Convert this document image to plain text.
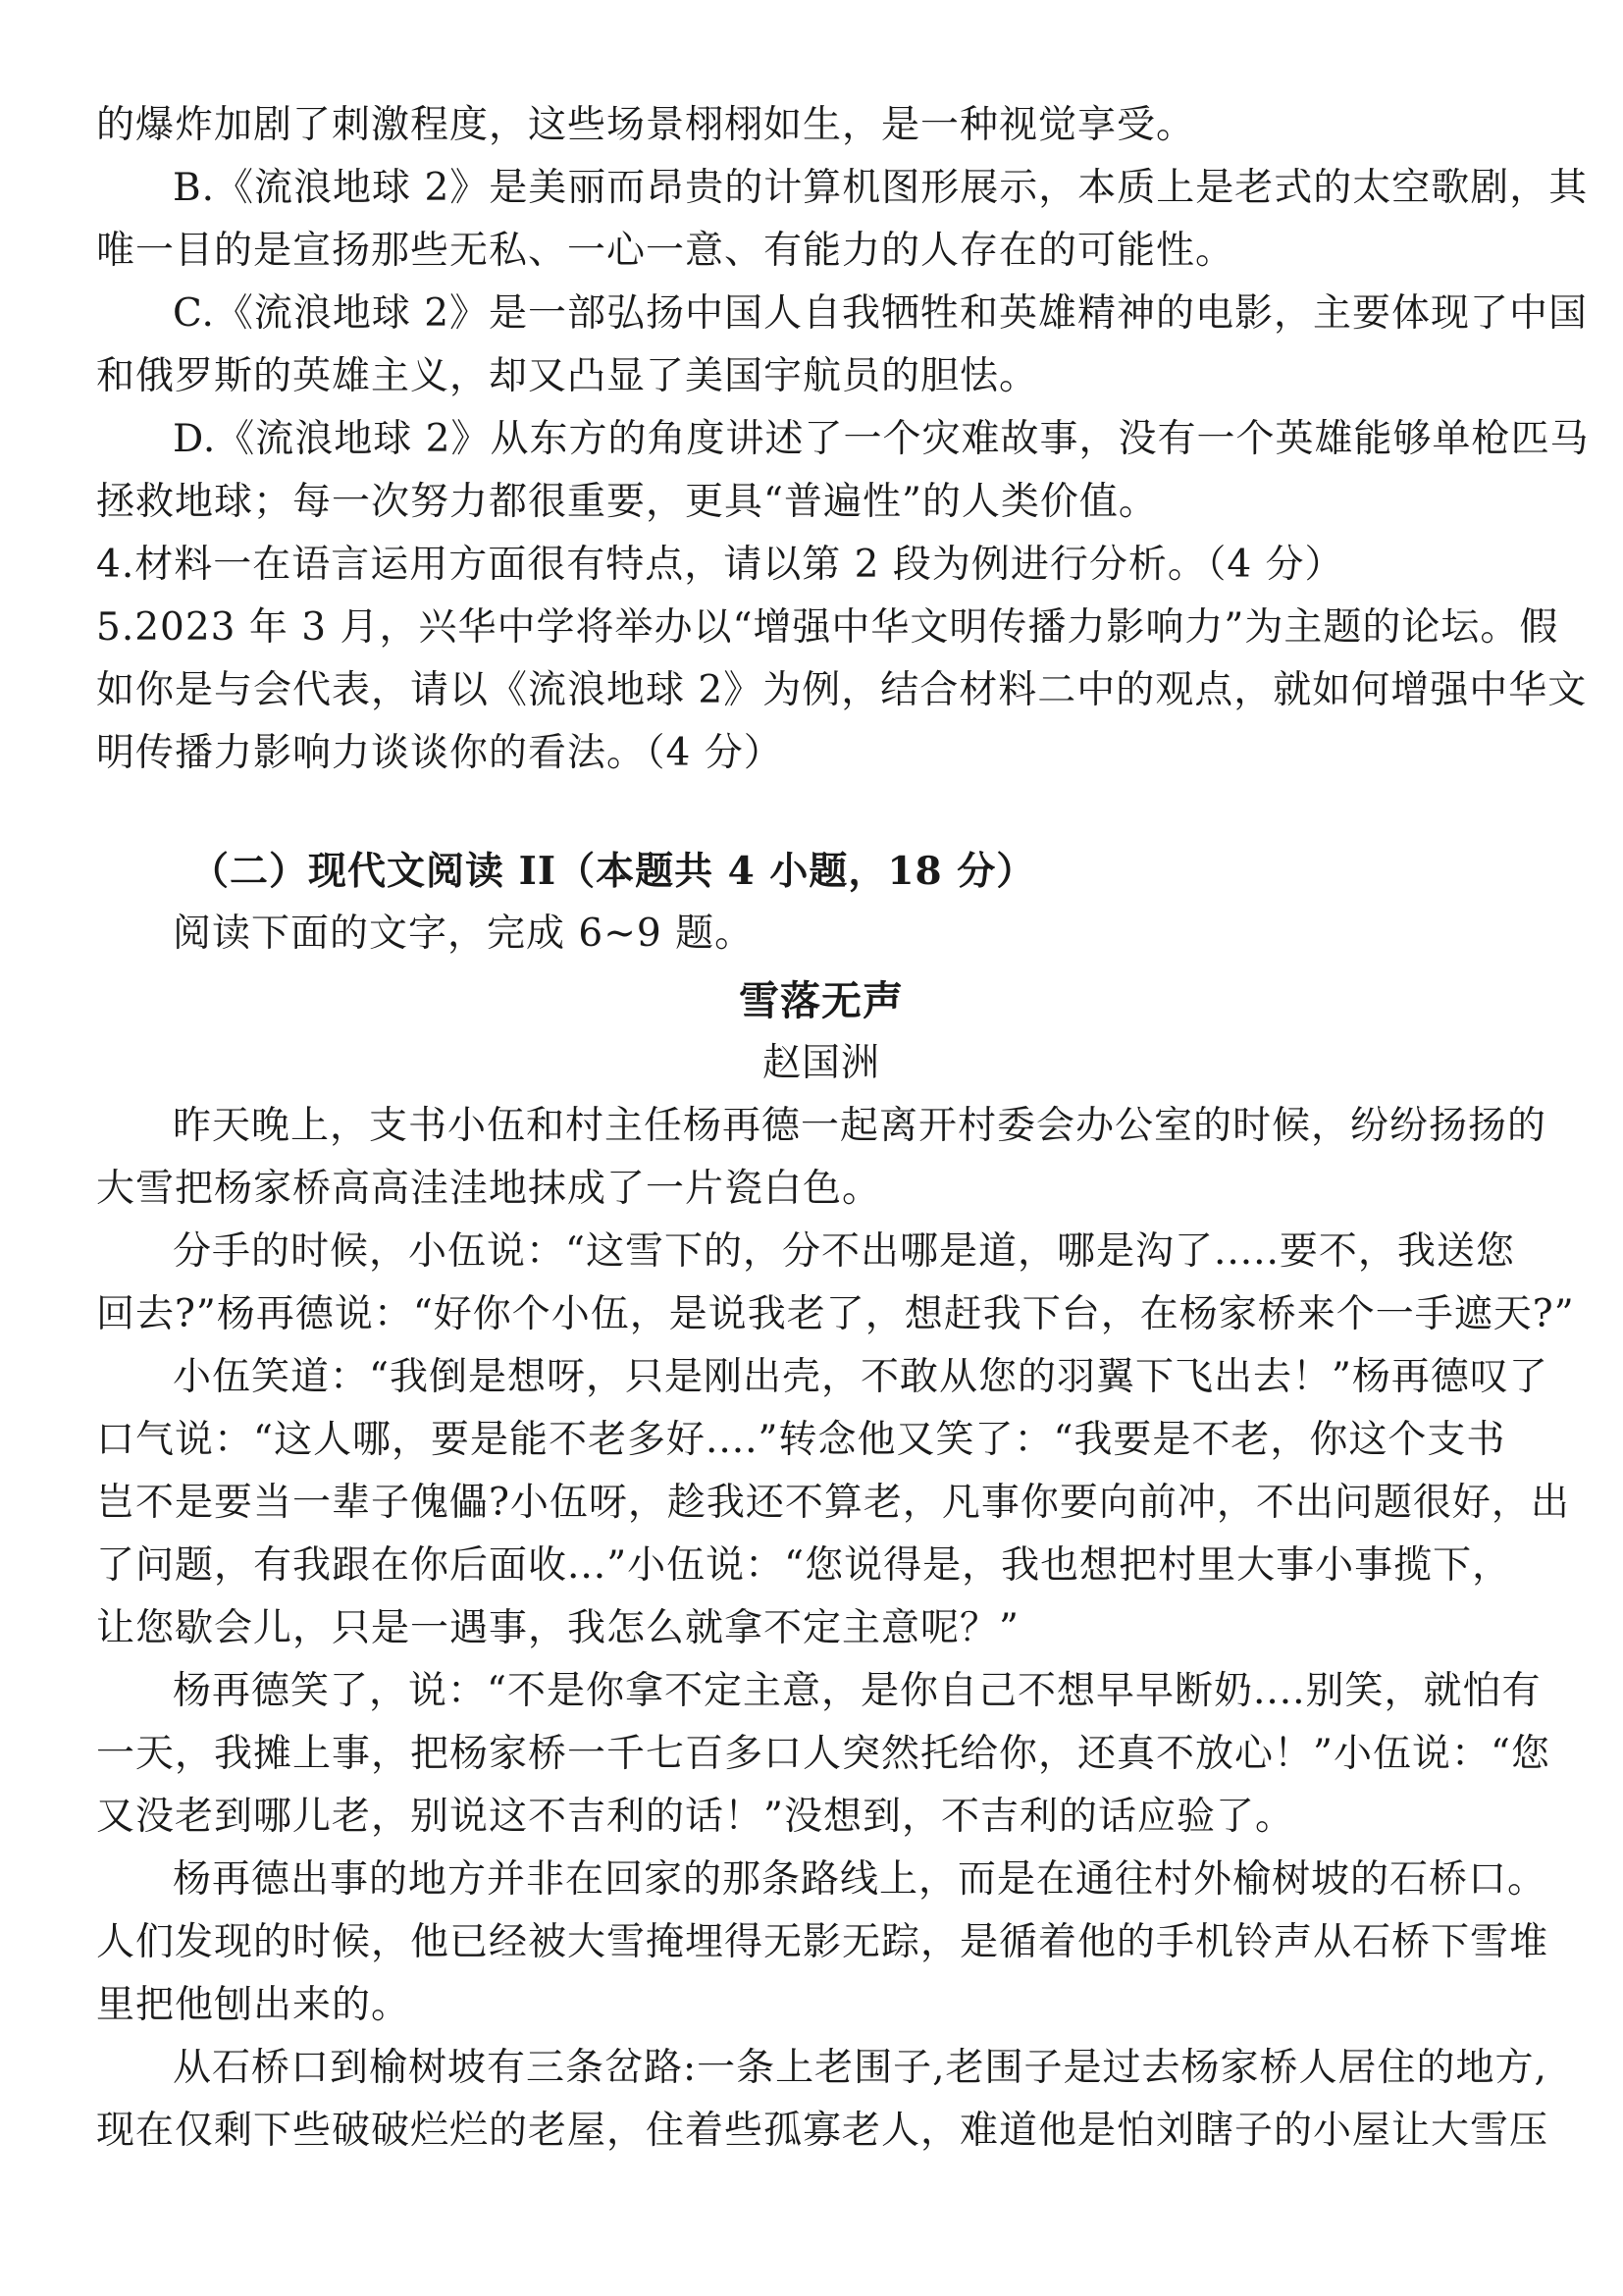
的爆炸加剧了刺激程度，这些场景栩栩如生，是一种视觉享受。
B.《流浪地球 2》是美丽而昂贵的计算机图形展示，本质上是老式的太空歌剧，其
唯一目的是宣扬那些无私、一心一意、有能力的人存在的可能性。
C.《流浪地球 2》是一部弘扬中国人自我牺牲和英雄精神的电影，主要体现了中国
和俄罗斯的英雄主义，却又凸显了美国宇航员的胆怯。
D.《流浪地球 2》从东方的角度讲述了一个灾难故事，没有一个英雄能够单枪匹马
拯救地球；每一次努力都很重要，更具“普遍性”的人类价值。
4.材料一在语言运用方面很有特点，请以第 2 段为例进行分析。（4 分）
5.2023 年 3 月，兴华中学将举办以“增强中华文明传播力影响力”为主题的论坛。假
如你是与会代表，请以《流浪地球 2》为例，结合材料二中的观点，就如何增强中华文
明传播力影响力谈谈你的看法。（4 分）
（二）现代文阅读 II（本题共 4 小题，18 分）
阅读下面的文字，完成 6~9 题。
雪落无声
赵国洲
昨天晚上，支书小伍和村主任杨再德一起离开村委会办公室的时候，纷纷扬扬的
大雪把杨家桥高高洼洼地抹成了一片瓷白色。
分手的时候，小伍说：“这雪下的，分不出哪是道，哪是沟了.....要不，我送您
回去?”杨再德说：“好你个小伍，是说我老了，想赶我下台，在杨家桥来个一手遮天?”
小伍笑道：“我倒是想呀，只是刚出壳，不敢从您的羽翼下飞出去！”杨再德叹了
口气说：“这人哪，要是能不老多好....”转念他又笑了：“我要是不老，你这个支书
岂不是要当一辈子傀儡?小伍呀，趁我还不算老，凡事你要向前冲，不出问题很好，出
了问题，有我跟在你后面收...”小伍说：“您说得是，我也想把村里大事小事揽下，
让您歇会儿，只是一遇事，我怎么就拿不定主意呢？”
杨再德笑了，说：“不是你拿不定主意，是你自己不想早早断奶....别笑，就怕有
一天，我摊上事，把杨家桥一千七百多口人突然托给你，还真不放心！”小伍说：“您
又没老到哪儿老，别说这不吉利的话！”没想到，不吉利的话应验了。
杨再德出事的地方并非在回家的那条路线上，而是在通往村外榆树坡的石桥口。
人们发现的时候，他已经被大雪掩埋得无影无踪，是循着他的手机铃声从石桥下雪堆
里把他刨出来的。
从石桥口到榆树坡有三条岔路:一条上老围子,老围子是过去杨家桥人居住的地方,
现在仅剩下些破破烂烂的老屋，住着些孤寡老人，难道他是怕刘瞎子的小屋让大雪压
